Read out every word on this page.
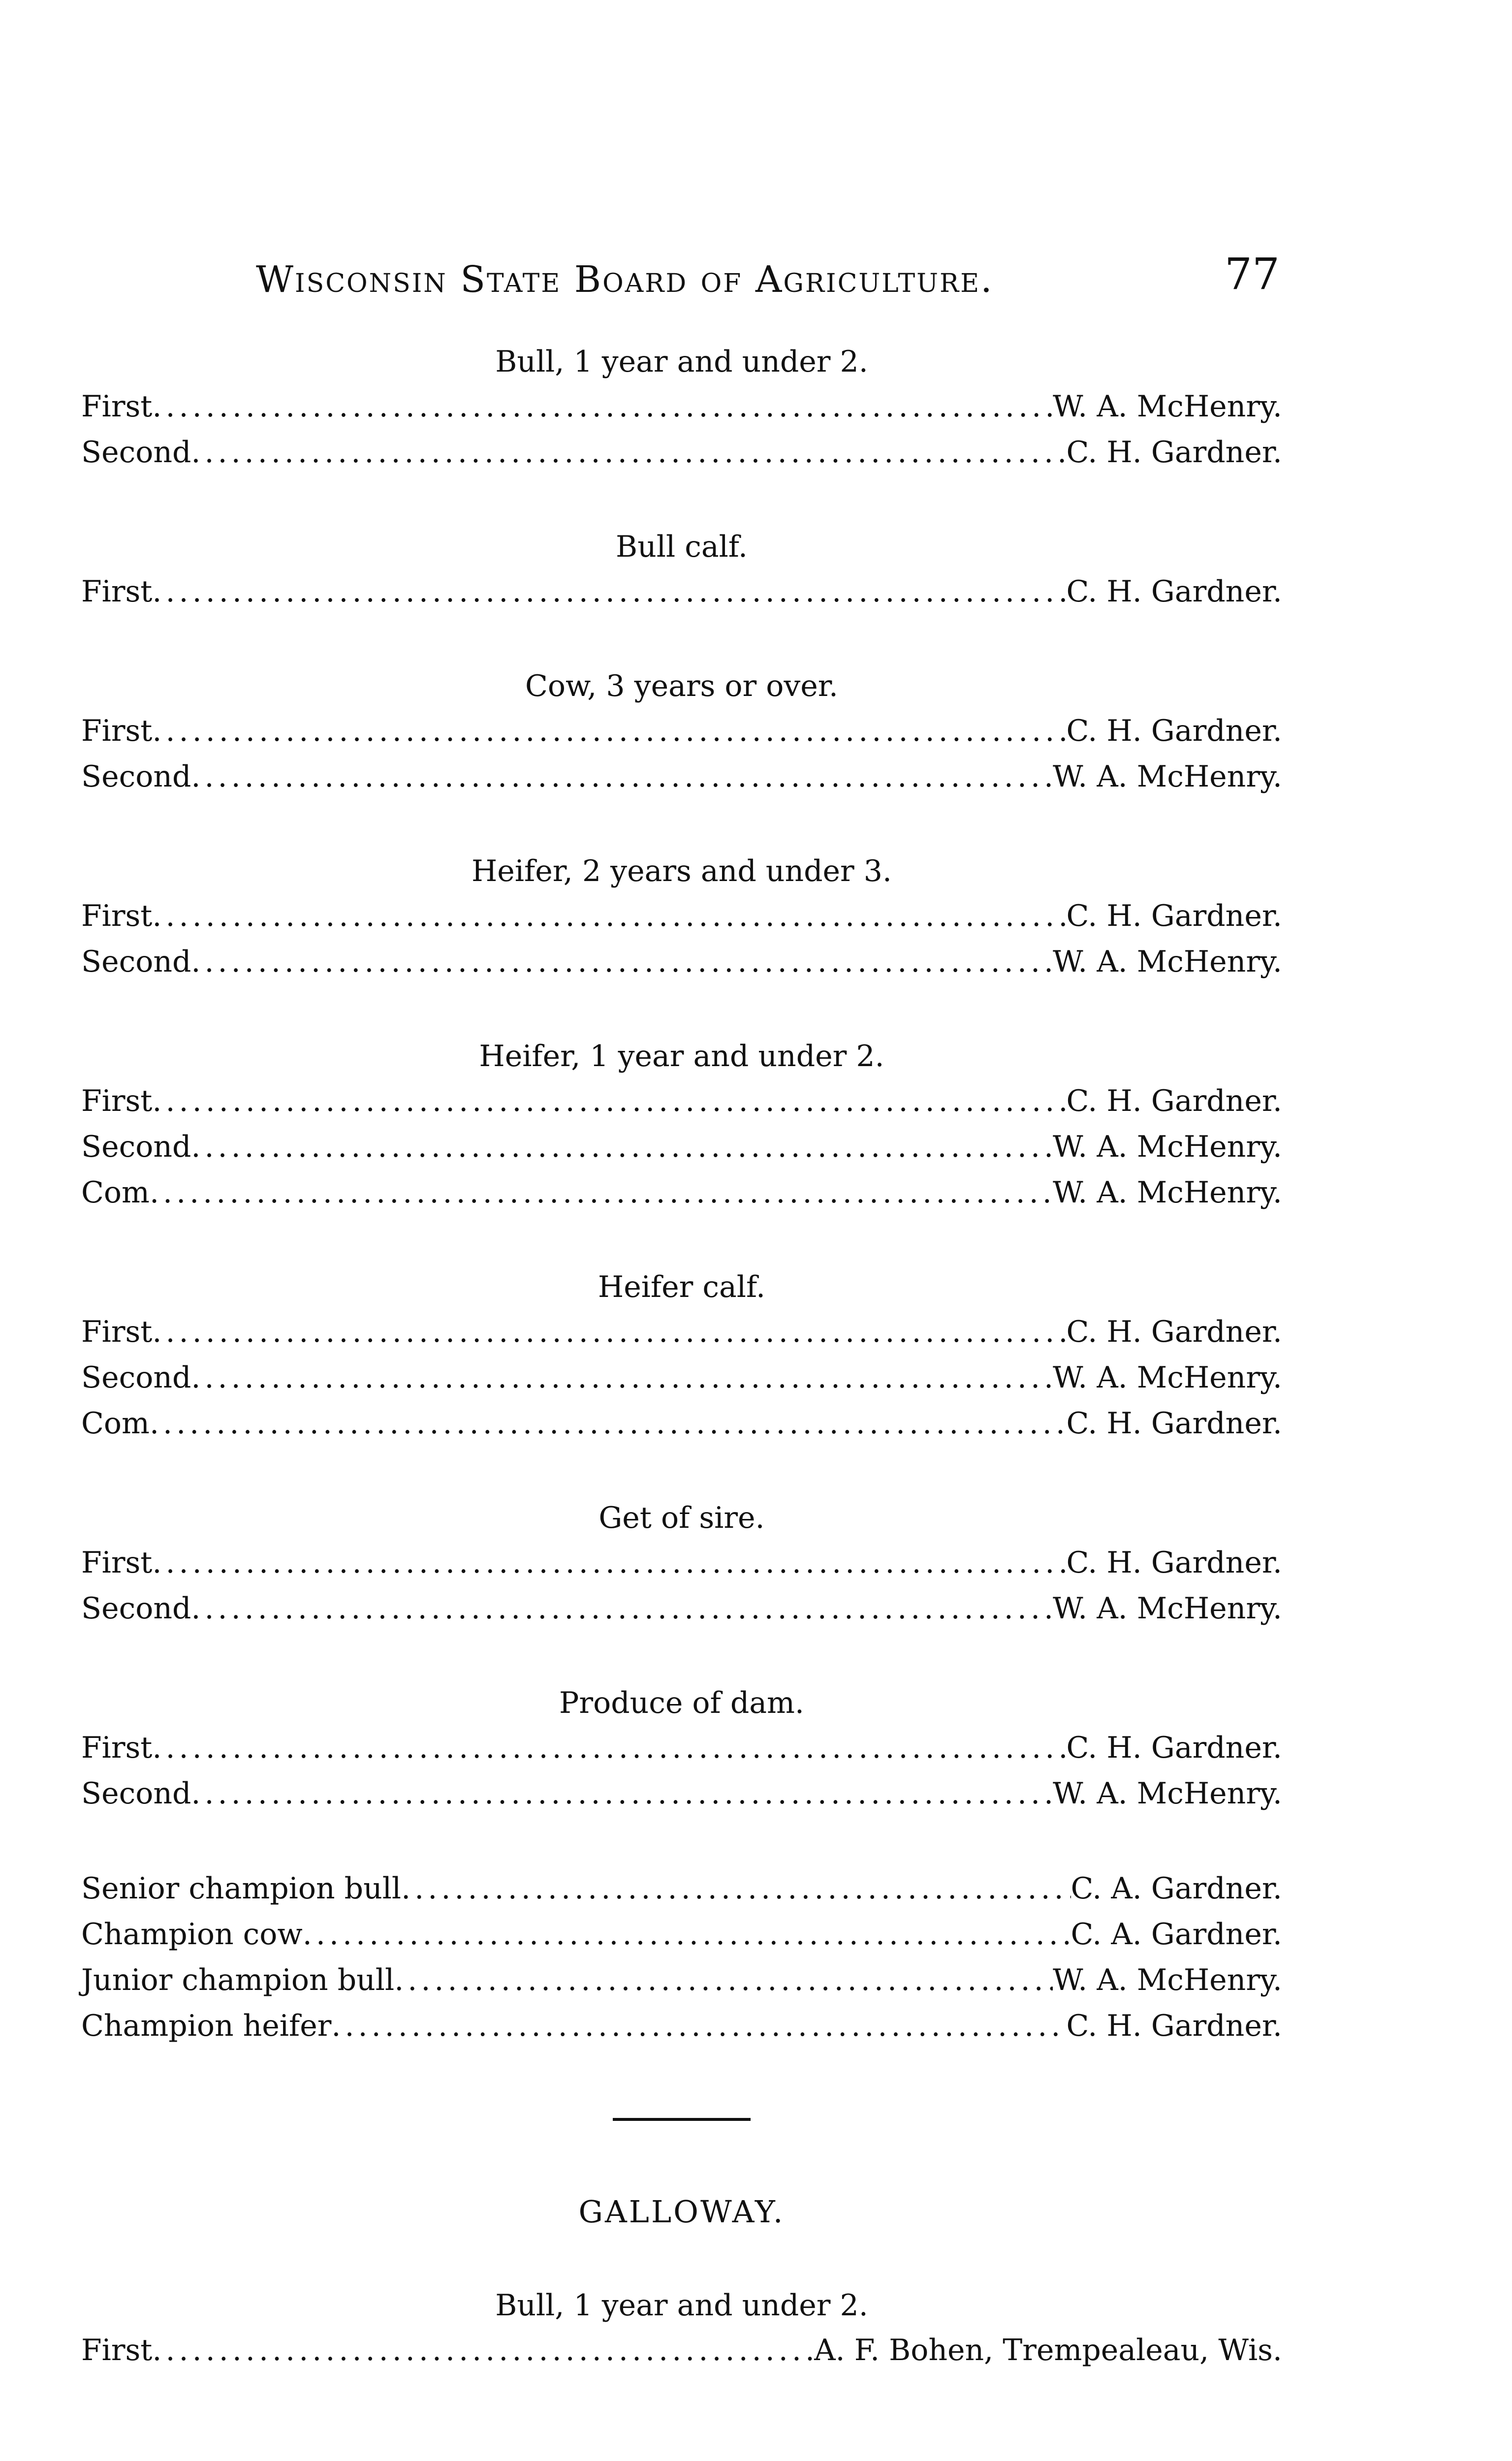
Wisconsin State Board of Agriculture.	77
Bull, 1 year and under 2.
First .....	W. A. McHenry.
Second .....	C. H. Gardner.
Bull calf.
First .....	C. H. Gardner.
Cow, 3 years or over.
First .....	C. H. Gardner.
Second .....	W. A. McHenry.
Heifer, 2 years and under 3.
First .....	C. H. Gardner.
Second .....	W. A. McHenry.
Heifer, 1 year and under 2.
First .....	C. H. Gardner.
Second .....	W. A. McHenry.
Com .....	W. A. McHenry.
Heifer calf.
First .....	C. H. Gardner.
Second .....	W. A. McHenry.
Com .....	C. H. Gardner.
Get of sire.
First .....	C. H. Gardner.
Second .....	W. A. McHenry.
Produce of dam.
First .....	C. H. Gardner.
Second .....	W. A. McHenry.
Senior champion bull .....	C. A. Gardner.
Champion cow .....	C. A. Gardner.
Junior champion bull .....	W. A. McHenry.
Champion heifer .....	C. H. Gardner.
GALLOWAY.
Bull, 1 year and under 2.
First .....	A. F. Bohen, Trempealeau, Wis.
